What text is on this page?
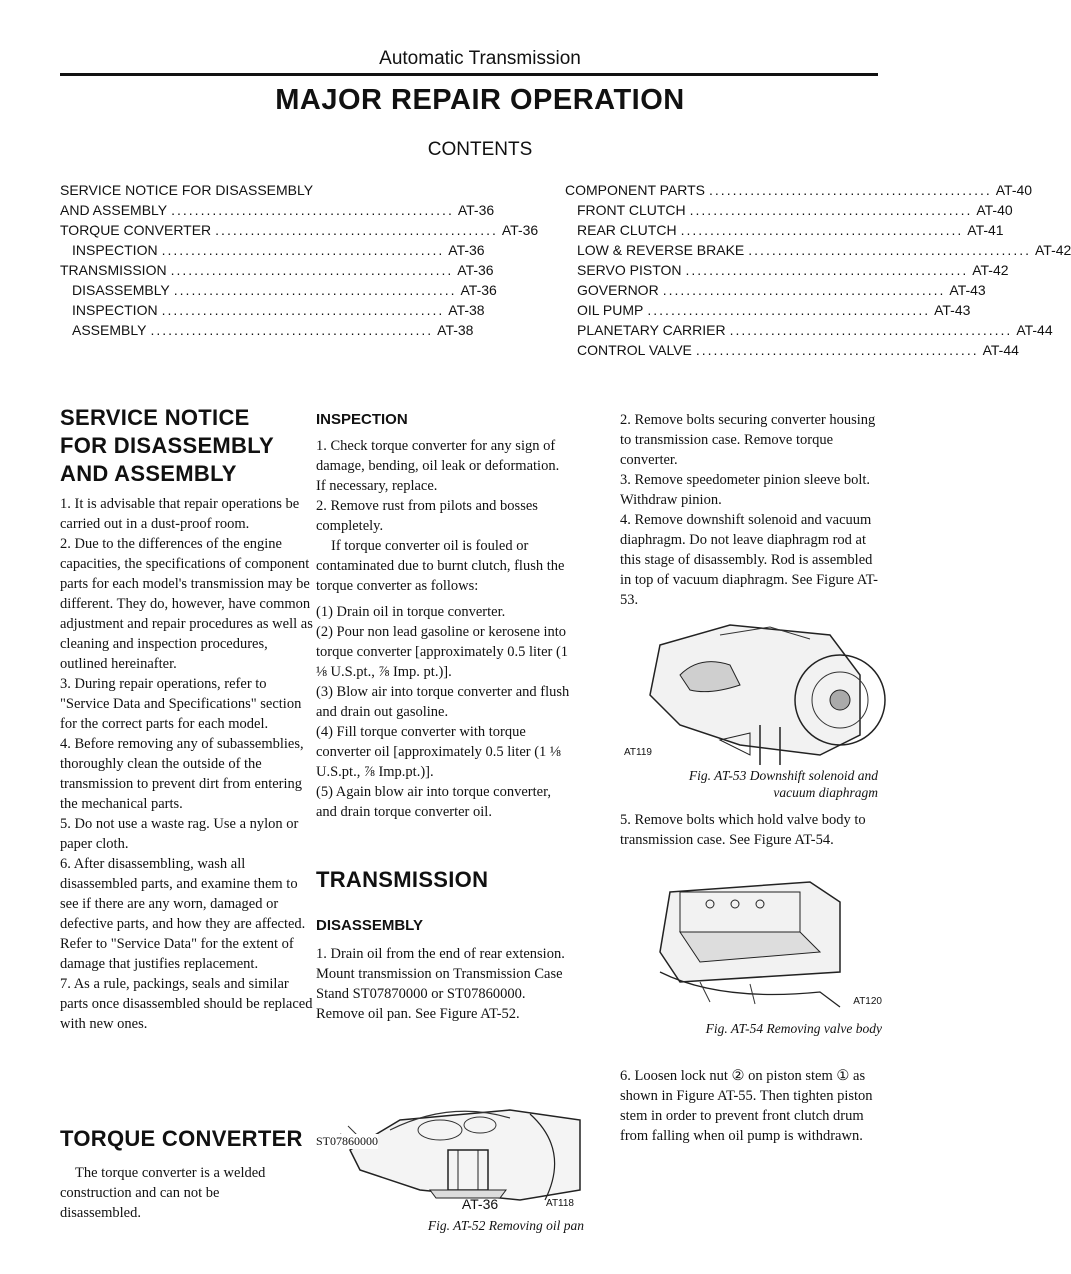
Automatic Transmission
MAJOR REPAIR OPERATION
CONTENTS
SERVICE NOTICE FOR DISASSEMBLY
AND ASSEMBLY ................................................ AT-36
TORQUE CONVERTER ................................................ AT-36
INSPECTION ................................................ AT-36
TRANSMISSION ................................................ AT-36
DISASSEMBLY ................................................ AT-36
INSPECTION ................................................ AT-38
ASSEMBLY ................................................ AT-38
COMPONENT PARTS ................................................ AT-40
FRONT CLUTCH ................................................ AT-40
REAR CLUTCH ................................................ AT-41
LOW & REVERSE BRAKE ................................................ AT-42
SERVO PISTON ................................................ AT-42
GOVERNOR ................................................ AT-43
OIL PUMP ................................................ AT-43
PLANETARY CARRIER ................................................ AT-44
CONTROL VALVE ................................................ AT-44
SERVICE NOTICE
FOR DISASSEMBLY
AND ASSEMBLY

1. It is advisable that repair operations be carried out in a dust-proof room.

2. Due to the differences of the engine capacities, the specifications of component parts for each model's transmission may be different. They do, however, have common adjustment and repair procedures as well as cleaning and inspection procedures, outlined hereinafter.

3. During repair operations, refer to "Service Data and Specifications" section for the correct parts for each model.

4. Before removing any of subassemblies, thoroughly clean the outside of the transmission to prevent dirt from entering the mechanical parts.

5. Do not use a waste rag. Use a nylon or paper cloth.

6. After disassembling, wash all disassembled parts, and examine them to see if there are any worn, damaged or defective parts, and how they are affected. Refer to "Service Data" for the extent of damage that justifies replacement.

7. As a rule, packings, seals and similar parts once disassembled should be replaced with new ones.

TORQUE CONVERTER

The torque converter is a welded construction and can not be disassembled.

INSPECTION

1. Check torque converter for any sign of damage, bending, oil leak or deformation. If necessary, replace.

2. Remove rust from pilots and bosses completely.

If torque converter oil is fouled or contaminated due to burnt clutch, flush the torque converter as follows:

(1) Drain oil in torque converter.

(2) Pour non lead gasoline or kerosene into torque converter [approximately 0.5 liter (1 ⅛ U.S.pt., ⅞ Imp. pt.)].

(3) Blow air into torque converter and flush and drain out gasoline.

(4) Fill torque converter with torque converter oil [approximately 0.5 liter (1 ⅛ U.S.pt., ⅞ Imp.pt.)].

(5) Again blow air into torque converter, and drain torque converter oil.

TRANSMISSION
DISASSEMBLY

1. Drain oil from the end of rear extension. Mount transmission on Transmission Case Stand ST07870000 or ST07860000. Remove oil pan. See Figure AT-52.

ST07860000
AT118
Fig. AT-52 Removing oil pan

2. Remove bolts securing converter housing to transmission case. Remove torque converter.

3. Remove speedometer pinion sleeve bolt. Withdraw pinion.

4. Remove downshift solenoid and vacuum diaphragm. Do not leave diaphragm rod at this stage of disassembly. Rod is assembled in top of vacuum diaphragm. See Figure AT-53.

AT119
Fig. AT-53 Downshift solenoid and
vacuum diaphragm

5. Remove bolts which hold valve body to transmission case. See Figure AT-54.

AT120
Fig. AT-54 Removing valve body

6. Loosen lock nut ② on piston stem ① as shown in Figure AT-55. Then tighten piston stem in order to prevent front clutch drum from falling when oil pump is withdrawn.

AT-36
